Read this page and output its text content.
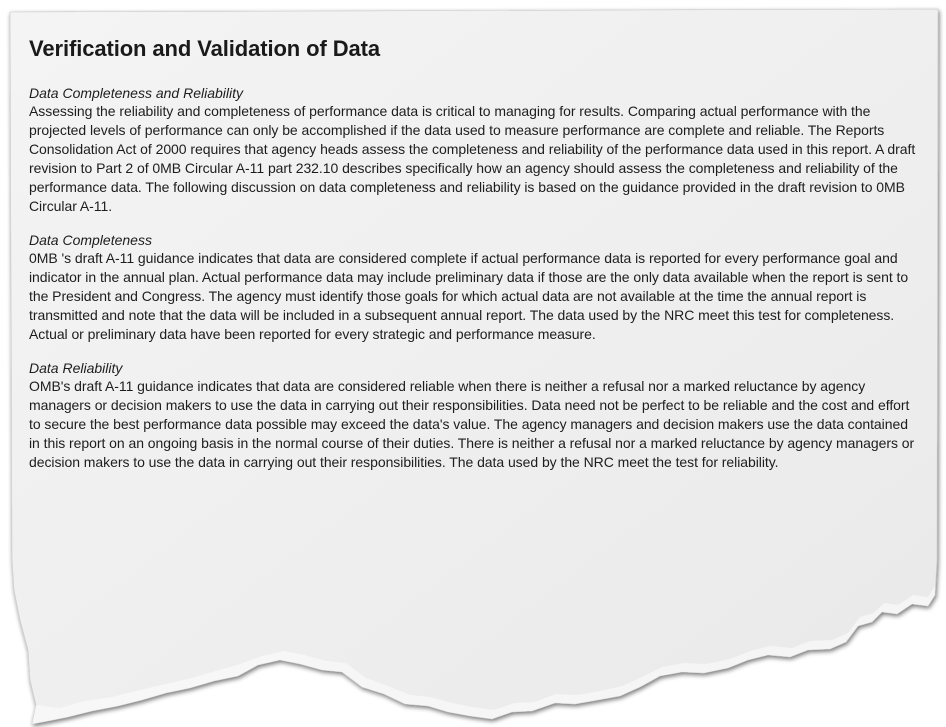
Verification and Validation of Data

Data Completeness and Reliability

Assessing the reliability and completeness of performance data is critical to managing for results. Comparing actual performance with the projected levels of performance can only be accomplished if the data used to measure performance are complete and reliable. The Reports Consolidation Act of 2000 requires that agency heads assess the completeness and reliability of the performance data used in this report. A draft revision to Part 2 of 0MB Circular A-11 part 232.10 describes specifically how an agency should assess the completeness and reliability of the performance data. The following discussion on data completeness and reliability is based on the guidance provided in the draft revision to 0MB Circular A-11.

Data Completeness

0MB 's draft A-11 guidance indicates that data are considered complete if actual performance data is reported for every performance goal and indicator in the annual plan. Actual performance data may include preliminary data if those are the only data available when the report is sent to the President and Congress. The agency must identify those goals for which actual data are not available at the time the annual report is transmitted and note that the data will be included in a subsequent annual report. The data used by the NRC meet this test for completeness. Actual or preliminary data have been reported for every strategic and performance measure.

Data Reliability

OMB's draft A-11 guidance indicates that data are considered reliable when there is neither a refusal nor a marked reluctance by agency managers or decision makers to use the data in carrying out their responsibilities. Data need not be perfect to be reliable and the cost and effort to secure the best performance data possible may exceed the data's value. The agency managers and decision makers use the data contained in this report on an ongoing basis in the normal course of their duties. There is neither a refusal nor a marked reluctance by agency managers or decision makers to use the data in carrying out their responsibilities. The data used by the NRC meet the test for reliability.
